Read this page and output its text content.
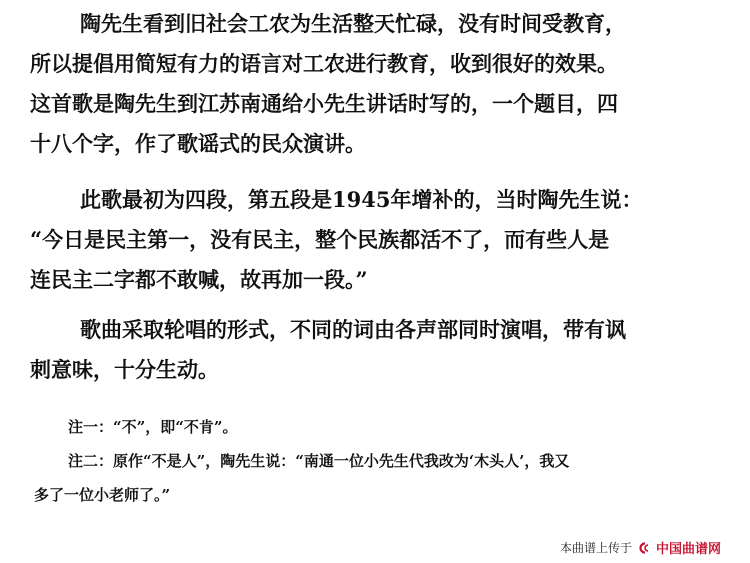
陶先生看到旧社会工农为生活整天忙碌，没有时间受教育，
所以提倡用简短有力的语言对工农进行教育，收到很好的效果。
这首歌是陶先生到江苏南通给小先生讲话时写的，一个题目，四
十八个字，作了歌谣式的民众演讲。
此歌最初为四段，第五段是1945年增补的，当时陶先生说：
“今日是民主第一，没有民主，整个民族都活不了，而有些人是
连民主二字都不敢喊，故再加一段。”
歌曲采取轮唱的形式，不同的词由各声部同时演唱，带有讽
刺意味，十分生动。
注一：“不”，即“不肯”。
注二：原作“不是人”，陶先生说：“南通一位小先生代我改为‘木头人’，我又
多了一位小老师了。”
本曲谱上传于 中国曲谱网
